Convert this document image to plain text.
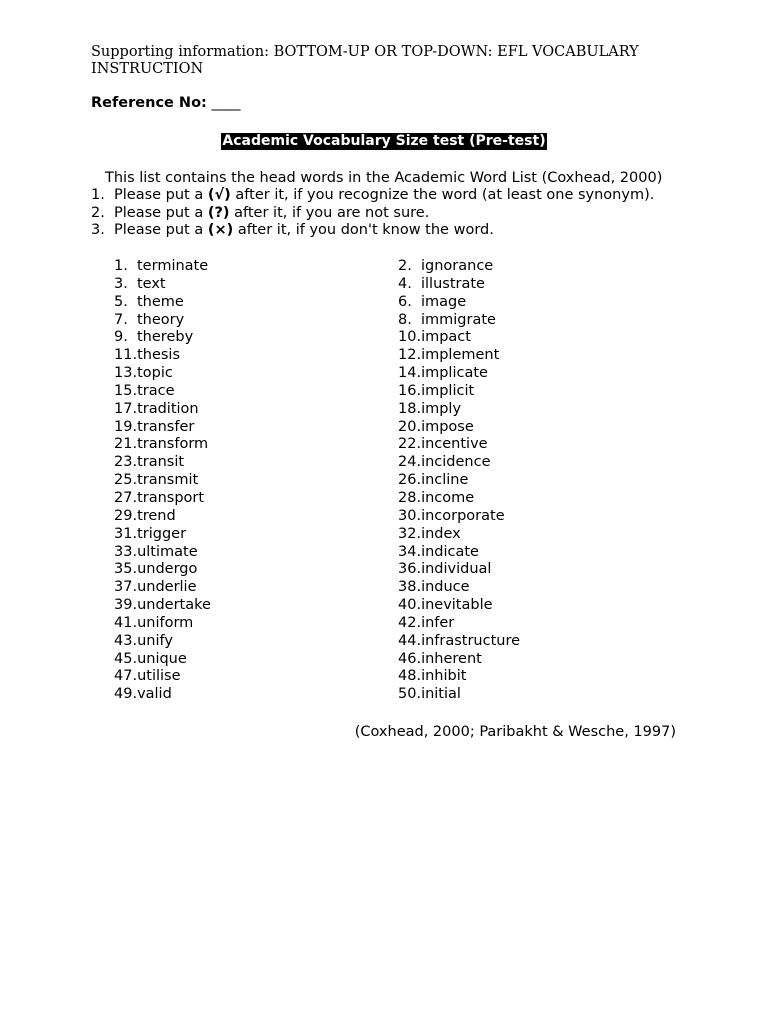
Supporting information: BOTTOM-UP OR TOP-DOWN: EFL VOCABULARY INSTRUCTION
Reference No: ____
Academic Vocabulary Size test (Pre-test)
This list contains the head words in the Academic Word List (Coxhead, 2000)
1. Please put a (√) after it, if you recognize the word (at least one synonym).
2. Please put a (?) after it, if you are not sure.
3. Please put a (×) after it, if you don't know the word.
1. terminate
3. text
5. theme
7. theory
9. thereby
11.thesis
13.topic
15.trace
17.tradition
19.transfer
21.transform
23.transit
25.transmit
27.transport
29.trend
31.trigger
33.ultimate
35.undergo
37.underlie
39.undertake
41.uniform
43.unify
45.unique
47.utilise
49.valid
2. ignorance
4. illustrate
6. image
8. immigrate
10.impact
12.implement
14.implicate
16.implicit
18.imply
20.impose
22.incentive
24.incidence
26.incline
28.income
30.incorporate
32.index
34.indicate
36.individual
38.induce
40.inevitable
42.infer
44.infrastructure
46.inherent
48.inhibit
50.initial
(Coxhead, 2000; Paribakht & Wesche, 1997)
